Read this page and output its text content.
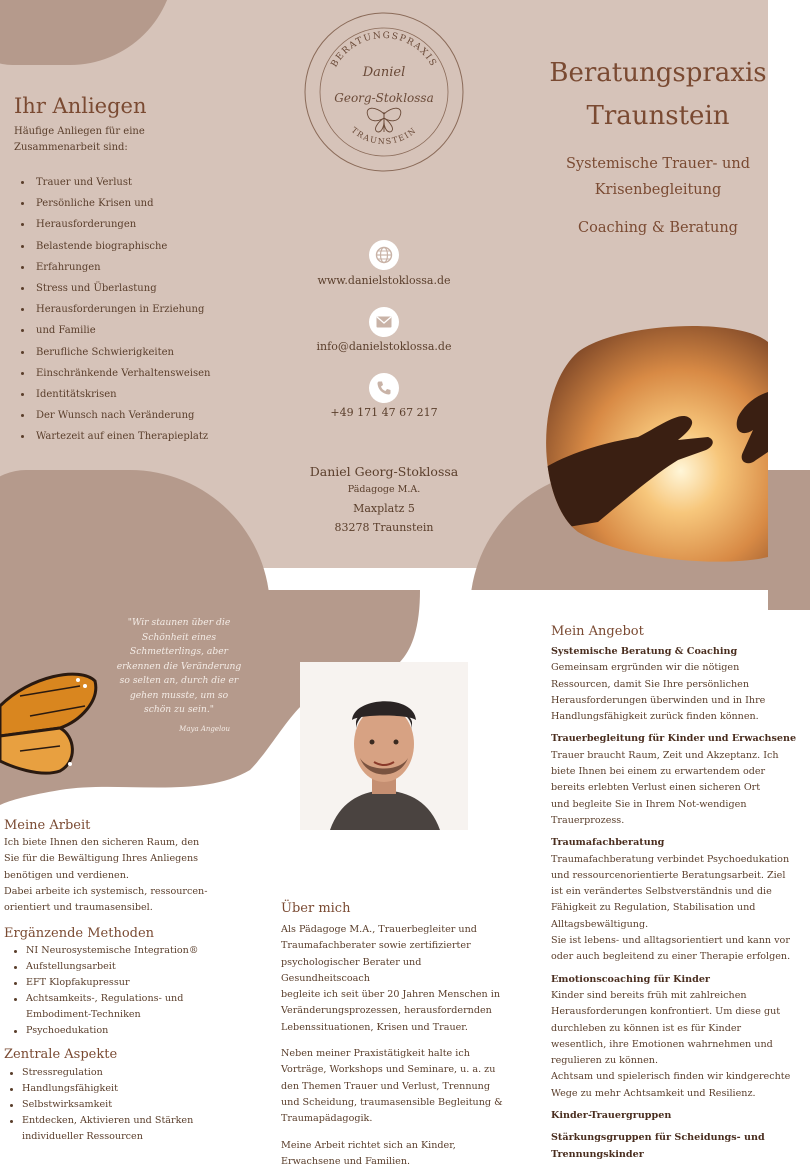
Ihr Anliegen
Häufige Anliegen für eine
Zusammenarbeit sind:
Trauer und Verlust
Persönliche Krisen und
Herausforderungen
Belastende biographische
Erfahrungen
Stress und Überlastung
Herausforderungen in Erziehung
und Familie
Berufliche Schwierigkeiten
Einschränkende Verhaltensweisen
Identitätskrisen
Der Wunsch nach Veränderung
Wartezeit auf einen Therapieplatz
BERATUNGSPRAXIS
TRAUNSTEIN
Daniel
Georg-Stoklossa
www.danielstoklossa.de
info@danielstoklossa.de
+49 171 47 67 217
Daniel Georg-Stoklossa
Pädagoge M.A.
Maxplatz 5
83278 Traunstein
Beratungspraxis
Traunstein
Systemische Trauer- und
Krisenbegleitung
Coaching & Beratung
"Wir staunen über die
Schönheit eines
Schmetterlings, aber
erkennen die Veränderung
so selten an, durch die er
gehen musste, um so
schön zu sein."
Maya Angelou
Meine Arbeit
Ich biete Ihnen den sicheren Raum, den
Sie für die Bewältigung Ihres Anliegens
benötigen und verdienen.
Dabei arbeite ich systemisch, ressourcen-
orientiert und traumasensibel.
Ergänzende Methoden
NI Neurosystemische Integration®
Aufstellungsarbeit
EFT Klopfakupressur
Achtsamkeits-, Regulations- und
Embodiment-Techniken
Psychoedukation
Zentrale Aspekte
Stressregulation
Handlungsfähigkeit
Selbstwirksamkeit
Entdecken, Aktivieren und Stärken
individueller Ressourcen
Über mich
Als Pädagoge M.A., Trauerbegleiter und
Traumafachberater sowie zertifizierter
psychologischer Berater und Gesundheitscoach
begleite ich seit über 20 Jahren Menschen in
Veränderungsprozessen, herausfordernden
Lebenssituationen, Krisen und Trauer.
Neben meiner Praxistätigkeit halte ich
Vorträge, Workshops und Seminare, u. a. zu
den Themen Trauer und Verlust, Trennung
und Scheidung, traumasensible Begleitung &
Traumapädagogik.
Meine Arbeit richtet sich an Kinder,
Erwachsene und Familien.
Mein Angebot
Systemische Beratung & Coaching
Gemeinsam ergründen wir die nötigen
Ressourcen, damit Sie Ihre persönlichen
Herausforderungen überwinden und in Ihre
Handlungsfähigkeit zurück finden können.
Trauerbegleitung für Kinder und Erwachsene
Trauer braucht Raum, Zeit und Akzeptanz. Ich
biete Ihnen bei einem zu erwartendem oder
bereits erlebten Verlust einen sicheren Ort
und begleite Sie in Ihrem Not-wendigen
Trauerprozess.
Traumafachberatung
Traumafachberatung verbindet Psychoedukation
und ressourcenorientierte Beratungsarbeit. Ziel
ist ein verändertes Selbstverständnis und die
Fähigkeit zu Regulation, Stabilisation und
Alltagsbewältigung.
Sie ist lebens- und alltagsorientiert und kann vor
oder auch begleitend zu einer Therapie erfolgen.
Emotionscoaching für Kinder
Kinder sind bereits früh mit zahlreichen
Herausforderungen konfrontiert. Um diese gut
durchleben zu können ist es für Kinder
wesentlich, ihre Emotionen wahrnehmen und
regulieren zu können.
Achtsam und spielerisch finden wir kindgerechte
Wege zu mehr Achtsamkeit und Resilienz.
Kinder-Trauergruppen
Stärkungsgruppen für Scheidungs- und
Trennungskinder
